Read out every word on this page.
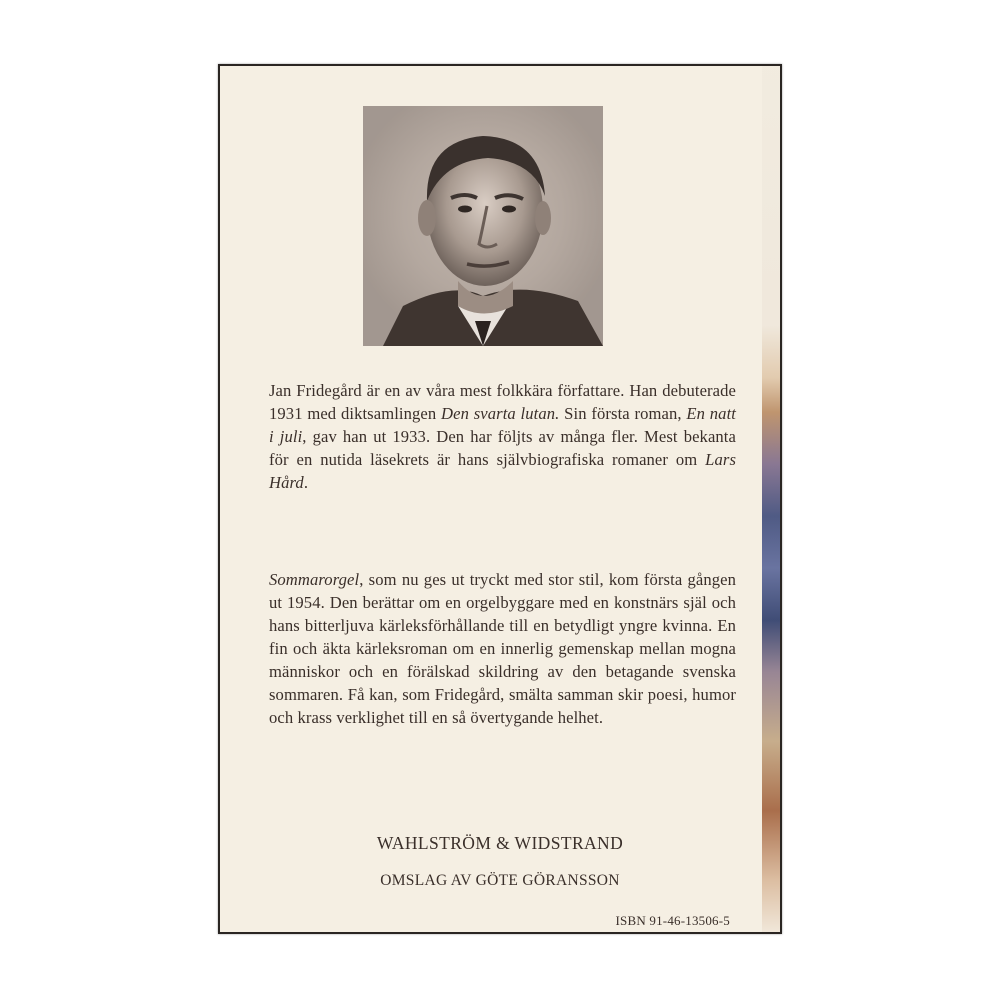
Jan Fridegård är en av våra mest folkkära författare. Han debuterade 1931 med diktsamlingen Den svarta lutan. Sin första roman, En natt i juli, gav han ut 1933. Den har följts av många fler. Mest bekanta för en nutida läsekrets är hans självbiografiska romaner om Lars Hård.
Sommarorgel, som nu ges ut tryckt med stor stil, kom första gången ut 1954. Den berättar om en orgelbyggare med en konstnärs själ och hans bitterljuva kärleksförhållande till en betydligt yngre kvinna. En fin och äkta kärleksroman om en innerlig gemenskap mellan mogna människor och en förälskad skildring av den betagande svenska sommaren. Få kan, som Fridegård, smälta samman skir poesi, humor och krass verklighet till en så övertygande helhet.
WAHLSTRÖM & WIDSTRAND
OMSLAG AV GÖTE GÖRANSSON
ISBN 91-46-13506-5
